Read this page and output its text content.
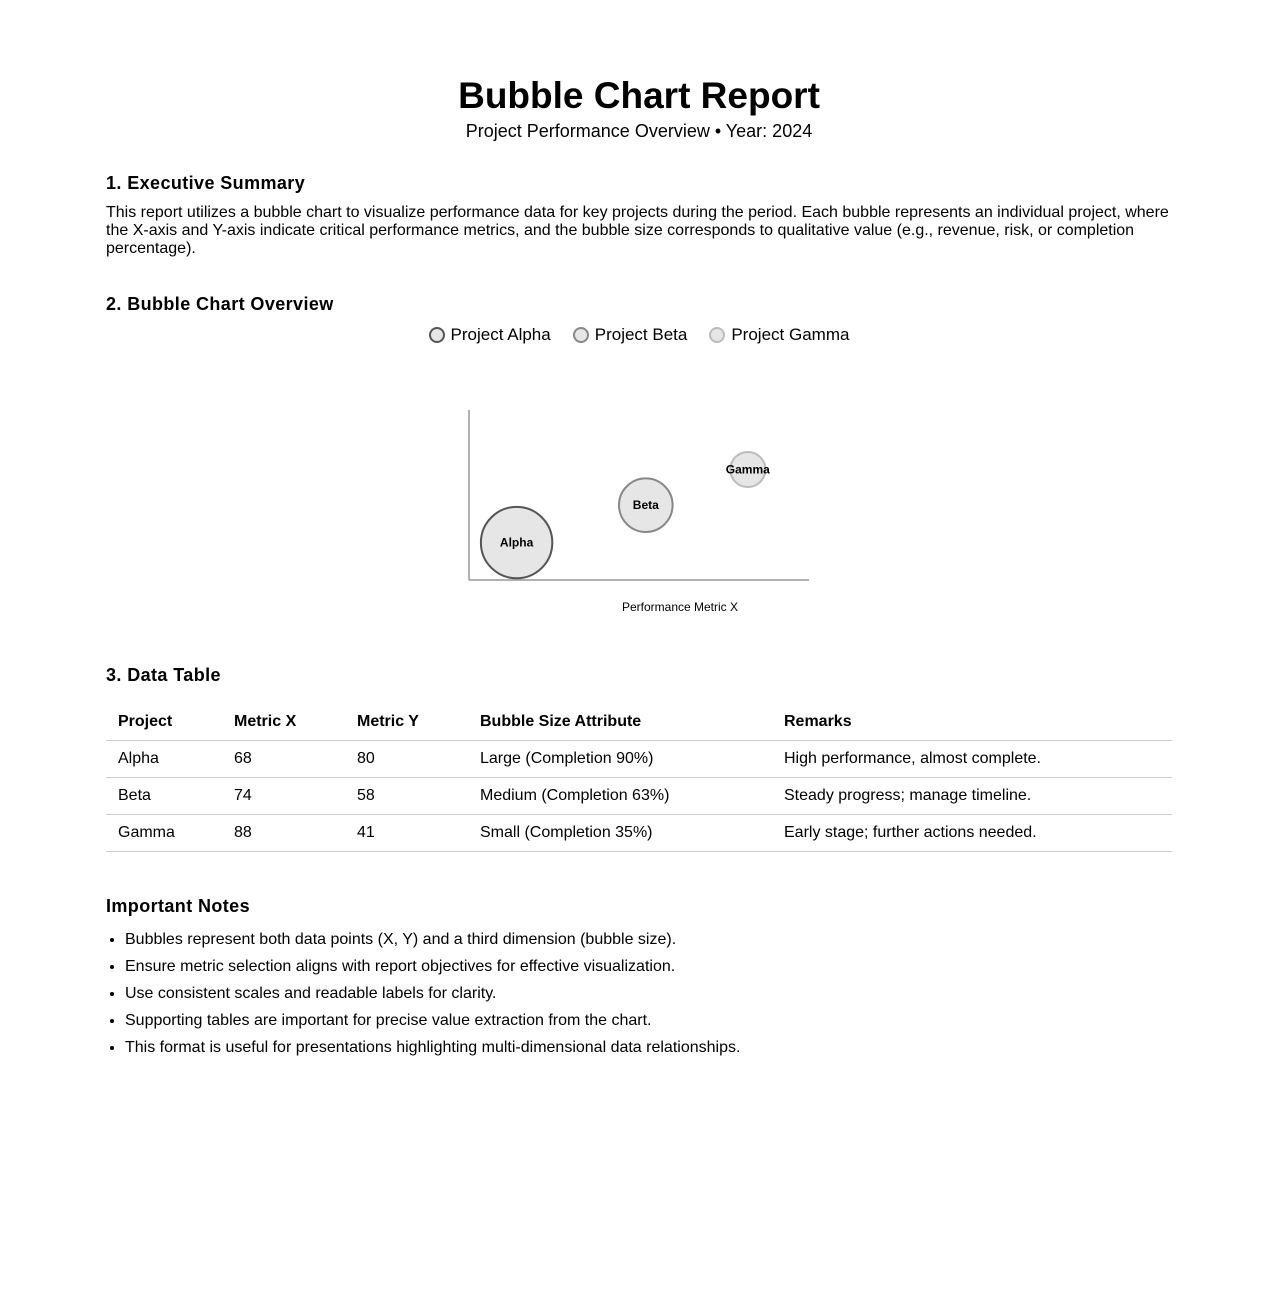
Bubble Chart Report
Project Performance Overview • Year: 2024
1. Executive Summary

This report utilizes a bubble chart to visualize performance data for key projects during the period. Each bubble represents an individual project, where the X-axis and Y-axis indicate critical performance metrics, and the bubble size corresponds to qualitative value (e.g., revenue, risk, or completion percentage).

2. Bubble Chart Overview
Project Alpha	Project Beta	Project Gamma
Alpha
Beta
Gamma
Performance Metric X
3. Data Table
Project	Metric X	Metric Y	Bubble Size Attribute	Remarks
Alpha	68	80	Large (Completion 90%)	High performance, almost complete.
Beta	74	58	Medium (Completion 63%)	Steady progress; manage timeline.
Gamma	88	41	Small (Completion 35%)	Early stage; further actions needed.
Important Notes
• Bubbles represent both data points (X, Y) and a third dimension (bubble size).
• Ensure metric selection aligns with report objectives for effective visualization.
• Use consistent scales and readable labels for clarity.
• Supporting tables are important for precise value extraction from the chart.
• This format is useful for presentations highlighting multi-dimensional data relationships.
